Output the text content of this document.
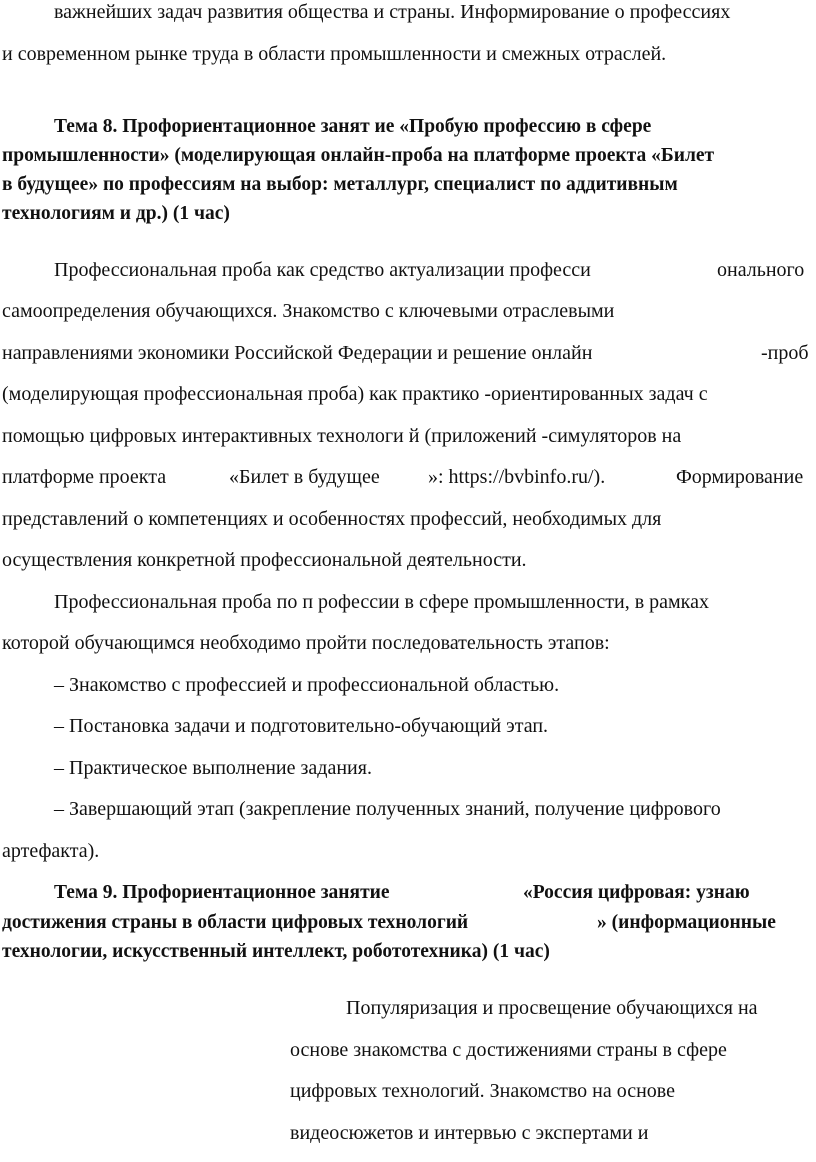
важнейших задач развития общества и страны. Информирование о профессиях
и современном рынке труда в области промышленности и смежных отраслей.
Тема 8. Профориентационное занят ие «Пробую профессию в сфере
промышленности» (моделирующая онлайн-проба на платформе проекта «Билет
в будущее» по профессиям на выбор: металлург, специалист по аддитивным
технологиям и др.) (1 час)
Профессиональная проба как средство актуализации професси	онального
самоопределения обучающихся. Знакомство с ключевыми отраслевыми
направлениями экономики Российской Федерации и решение онлайн	-проб
(моделирующая профессиональная проба) как практико -ориентированных задач с
помощью цифровых интерактивных технологи й (приложений -симуляторов на
платформе проекта	«Билет в будущее »: https://bvbinfo.ru/).	Формирование
представлений о компетенциях и особенностях профессий, необходимых для
осуществления конкретной профессиональной деятельности.
Профессиональная проба по п рофессии в сфере промышленности, в рамках
которой обучающимся необходимо пройти последовательность этапов:
– Знакомство с профессией и профессиональной областью.
– Постановка задачи и подготовительно-обучающий этап.
– Практическое выполнение задания.
– Завершающий этап (закрепление полученных знаний, получение цифрового
артефакта).
Тема 9. Профориентационное занятие	«Россия цифровая: узнаю
достижения страны в области цифровых технологий	» (информационные
технологии, искусственный интеллект, робототехника) (1 час)
Популяризация и просвещение обучающихся на
основе знакомства с достижениями страны в сфере
цифровых технологий. Знакомство на основе
видеосюжетов и интервью с экспертами и
